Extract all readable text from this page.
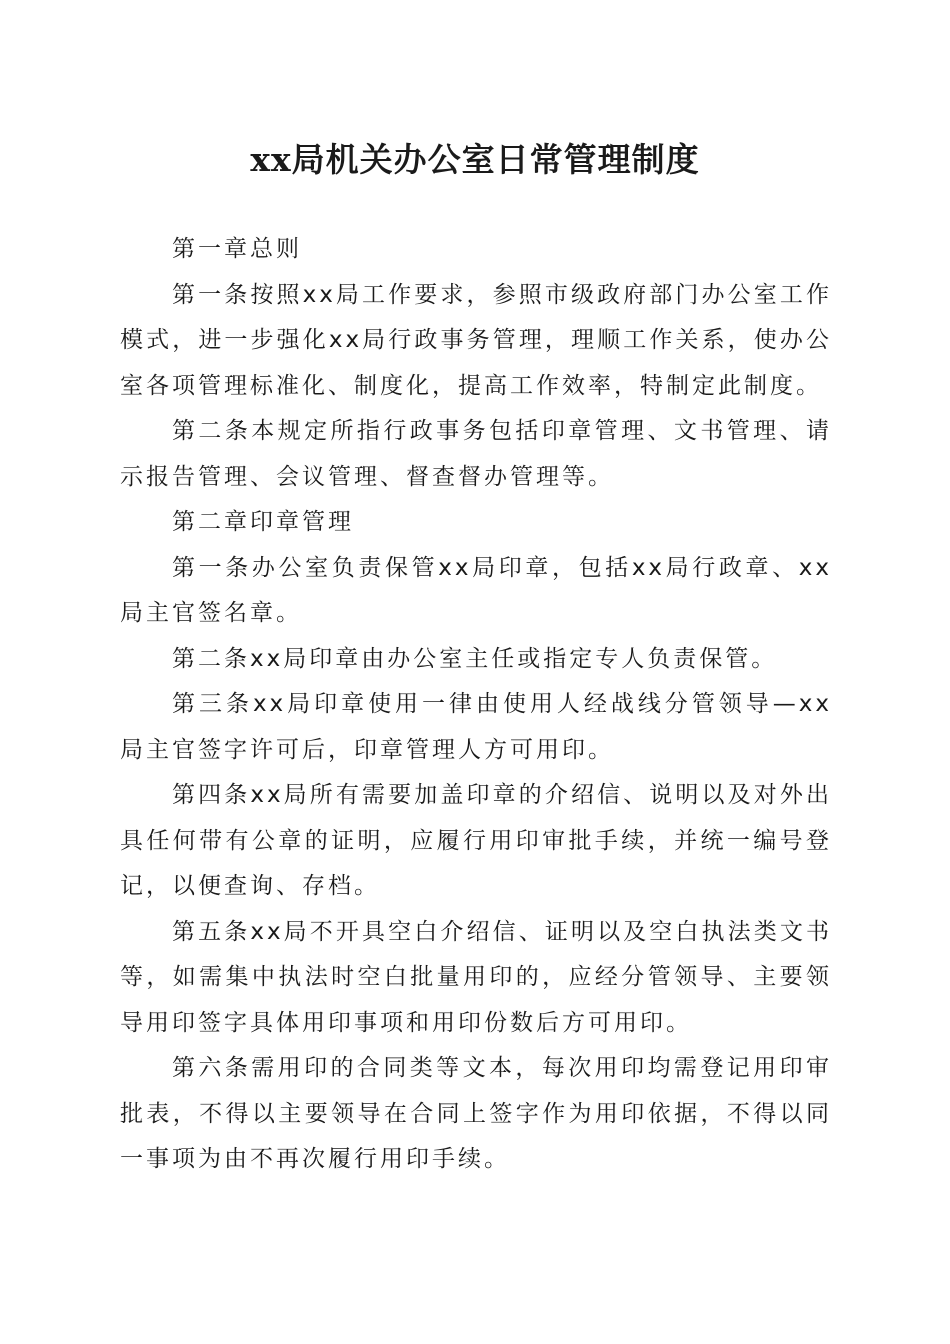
xx局机关办公室日常管理制度

第一章总则

第一条按照xx局工作要求，参照市级政府部门办公室工作模式，进一步强化xx局行政事务管理，理顺工作关系，使办公室各项管理标准化、制度化，提高工作效率，特制定此制度。

第二条本规定所指行政事务包括印章管理、文书管理、请示报告管理、会议管理、督查督办管理等。

第二章印章管理

第一条办公室负责保管xx局印章，包括xx局行政章、xx局主官签名章。

第二条xx局印章由办公室主任或指定专人负责保管。

第三条xx局印章使用一律由使用人经战线分管领导—xx局主官签字许可后，印章管理人方可用印。

第四条xx局所有需要加盖印章的介绍信、说明以及对外出具任何带有公章的证明，应履行用印审批手续，并统一编号登记，以便查询、存档。

第五条xx局不开具空白介绍信、证明以及空白执法类文书等，如需集中执法时空白批量用印的，应经分管领导、主要领导用印签字具体用印事项和用印份数后方可用印。

第六条需用印的合同类等文本，每次用印均需登记用印审批表，不得以主要领导在合同上签字作为用印依据，不得以同一事项为由不再次履行用印手续。
